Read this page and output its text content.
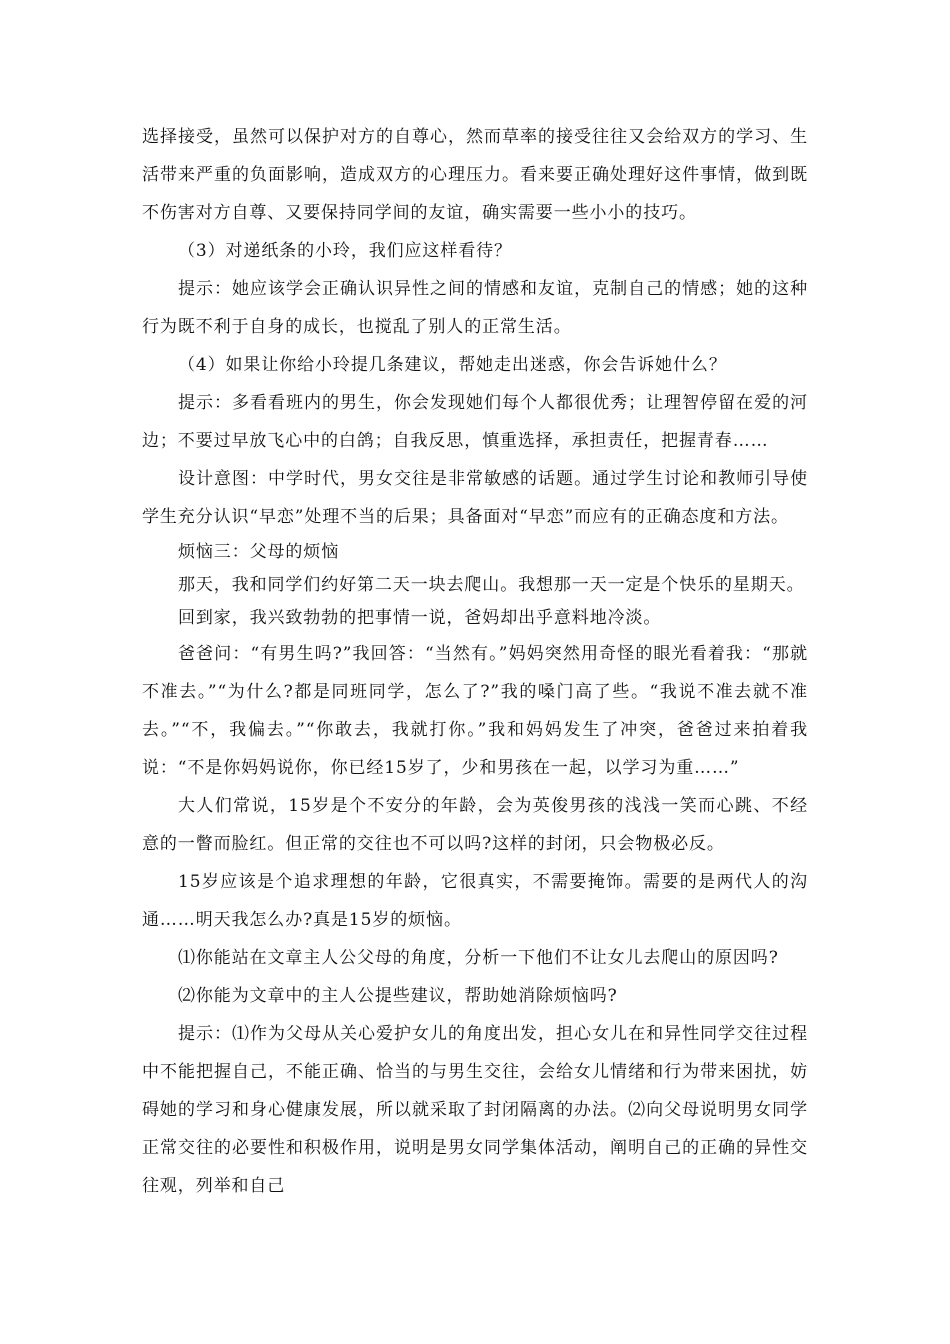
选择接受，虽然可以保护对方的自尊心，然而草率的接受往往又会给双方的学习、生活带来严重的负面影响，造成双方的心理压力。看来要正确处理好这件事情，做到既不伤害对方自尊、又要保持同学间的友谊，确实需要一些小小的技巧。

（3）对递纸条的小玲，我们应这样看待？

提示：她应该学会正确认识异性之间的情感和友谊，克制自己的情感；她的这种行为既不利于自身的成长，也搅乱了别人的正常生活。

（4）如果让你给小玲提几条建议，帮她走出迷惑，你会告诉她什么？

提示：多看看班内的男生，你会发现她们每个人都很优秀；让理智停留在爱的河边；不要过早放飞心中的白鸽；自我反思，慎重选择，承担责任，把握青春……

设计意图：中学时代，男女交往是非常敏感的话题。通过学生讨论和教师引导使学生充分认识“早恋”处理不当的后果；具备面对“早恋”而应有的正确态度和方法。

烦恼三：父母的烦恼

那天，我和同学们约好第二天一块去爬山。我想那一天一定是个快乐的星期天。

回到家，我兴致勃勃的把事情一说，爸妈却出乎意料地冷淡。

爸爸问：“有男生吗?”我回答：“当然有。”妈妈突然用奇怪的眼光看着我：“那就不准去。”“为什么?都是同班同学，怎么了?”我的嗓门高了些。“我说不准去就不准去。”“不，我偏去。”“你敢去，我就打你。”我和妈妈发生了冲突，爸爸过来拍着我说：“不是你妈妈说你，你已经15岁了，少和男孩在一起，以学习为重……”

大人们常说，15岁是个不安分的年龄，会为英俊男孩的浅浅一笑而心跳、不经意的一瞥而脸红。但正常的交往也不可以吗?这样的封闭，只会物极必反。

15岁应该是个追求理想的年龄，它很真实，不需要掩饰。需要的是两代人的沟通……明天我怎么办?真是15岁的烦恼。

⑴你能站在文章主人公父母的角度，分析一下他们不让女儿去爬山的原因吗?

⑵你能为文章中的主人公提些建议，帮助她消除烦恼吗?

提示：⑴作为父母从关心爱护女儿的角度出发，担心女儿在和异性同学交往过程中不能把握自己，不能正确、恰当的与男生交往，会给女儿情绪和行为带来困扰，妨碍她的学习和身心健康发展，所以就采取了封闭隔离的办法。⑵向父母说明男女同学正常交往的必要性和积极作用，说明是男女同学集体活动，阐明自己的正确的异性交往观，列举和自己
